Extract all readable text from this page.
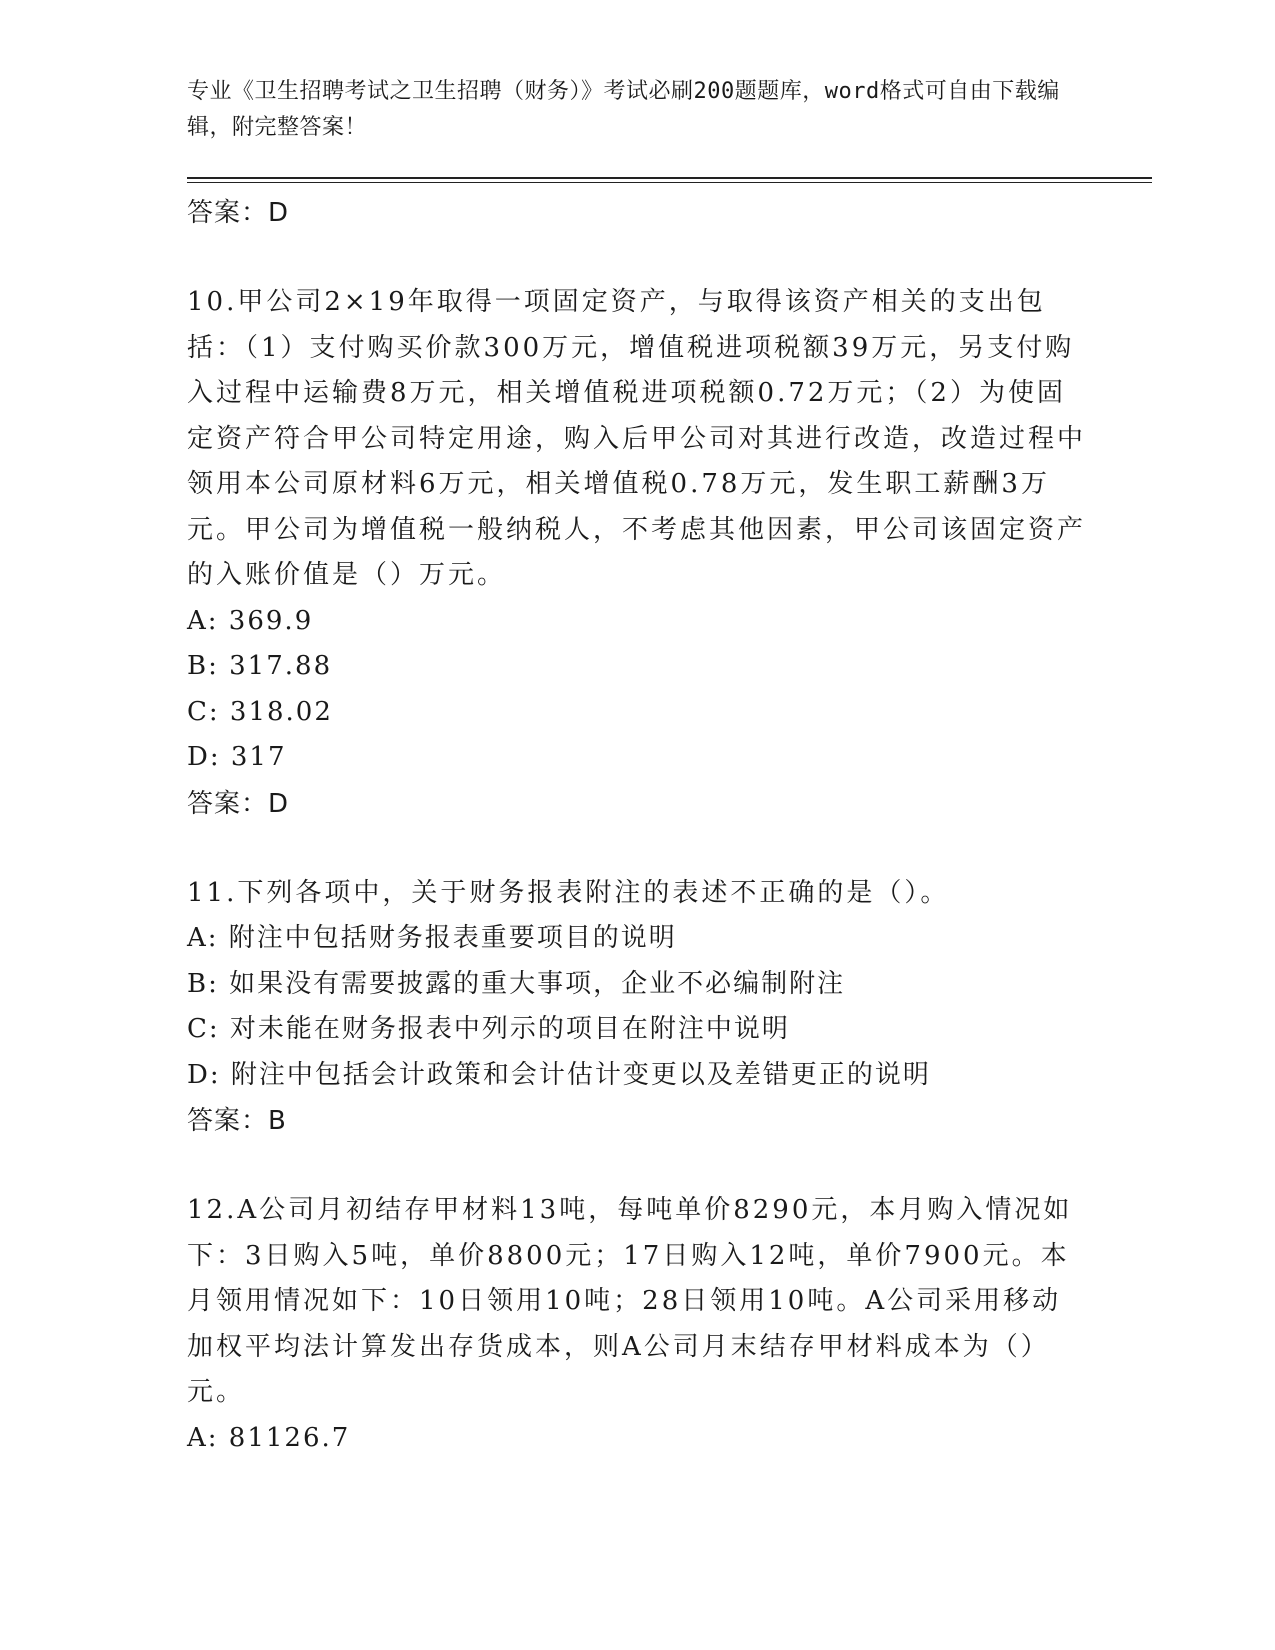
专业《卫生招聘考试之卫生招聘（财务）》考试必刷200题题库，word格式可自由下载编辑，附完整答案！

答案：D

10.甲公司2×19年取得一项固定资产，与取得该资产相关的支出包括：（1）支付购买价款300万元，增值税进项税额39万元，另支付购入过程中运输费8万元，相关增值税进项税额0.72万元；（2）为使固定资产符合甲公司特定用途，购入后甲公司对其进行改造，改造过程中领用本公司原材料6万元，相关增值税0.78万元，发生职工薪酬3万元。甲公司为增值税一般纳税人，不考虑其他因素，甲公司该固定资产的入账价值是（）万元。

A: 369.9

B: 317.88

C: 318.02

D: 317

答案：D

11.下列各项中，关于财务报表附注的表述不正确的是（）。

A: 附注中包括财务报表重要项目的说明

B: 如果没有需要披露的重大事项，企业不必编制附注

C: 对未能在财务报表中列示的项目在附注中说明

D: 附注中包括会计政策和会计估计变更以及差错更正的说明

答案：B

12.A公司月初结存甲材料13吨，每吨单价8290元，本月购入情况如下：3日购入5吨，单价8800元；17日购入12吨，单价7900元。本月领用情况如下：10日领用10吨；28日领用10吨。A公司采用移动加权平均法计算发出存货成本，则A公司月末结存甲材料成本为（）元。

A: 81126.7
